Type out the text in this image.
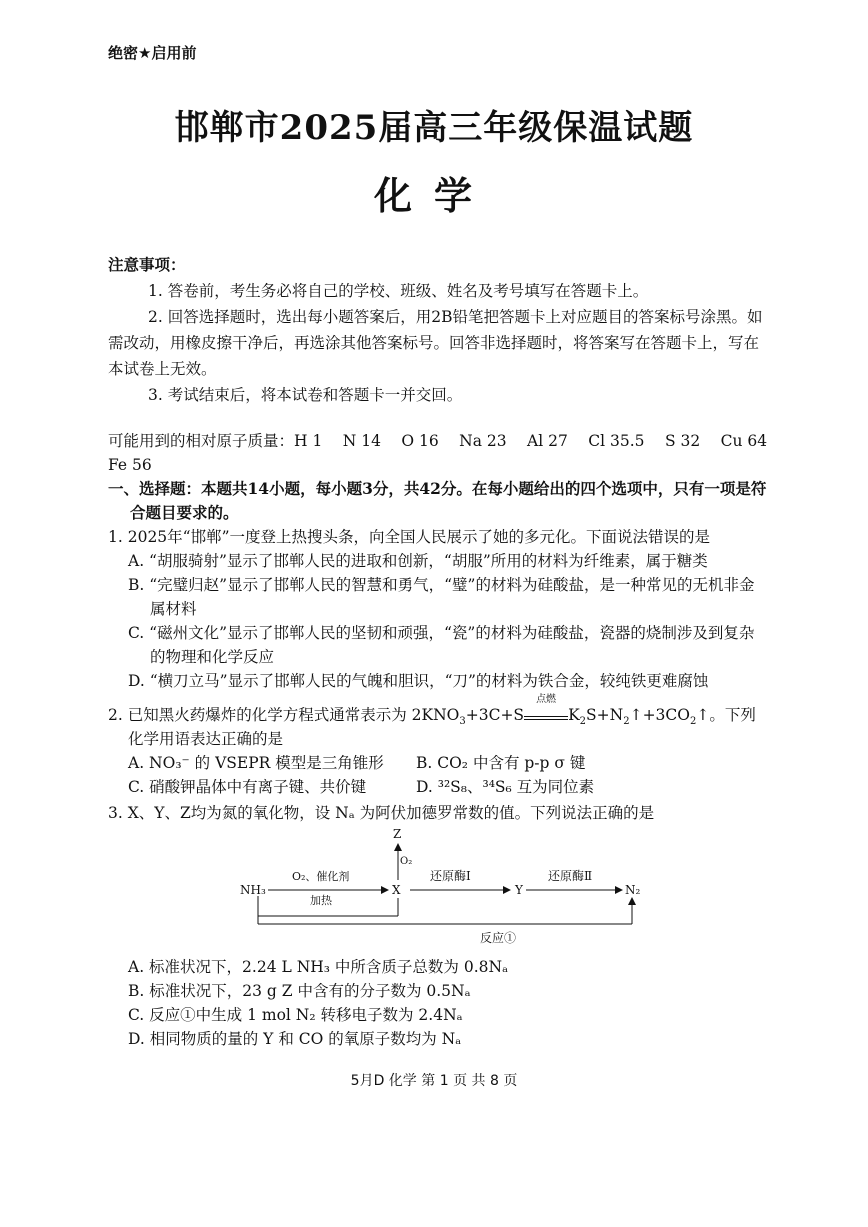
绝密★启用前
邯郸市2025届高三年级保温试题
化学
注意事项：
1. 答卷前，考生务必将自己的学校、班级、姓名及考号填写在答题卡上。
2. 回答选择题时，选出每小题答案后，用2B铅笔把答题卡上对应题目的答案标号涂黑。如
需改动，用橡皮擦干净后，再选涂其他答案标号。回答非选择题时，将答案写在答题卡上，写在
本试卷上无效。
3. 考试结束后，将本试卷和答题卡一并交回。
可能用到的相对原子质量：H 1　 N 14　 O 16　 Na 23　 Al 27　 Cl 35.5　 S 32　 Cu 64
Fe 56
一、选择题：本题共14小题，每小题3分，共42分。在每小题给出的四个选项中，只有一项是符
合题目要求的。
1. 2025年“邯郸”一度登上热搜头条，向全国人民展示了她的多元化。下面说法错误的是
A. “胡服骑射”显示了邯郸人民的进取和创新，“胡服”所用的材料为纤维素，属于糖类
B. “完璧归赵”显示了邯郸人民的智慧和勇气，“璧”的材料为硅酸盐，是一种常见的无机非金
属材料
C. “磁州文化”显示了邯郸人民的坚韧和顽强，“瓷”的材料为硅酸盐，瓷器的烧制涉及到复杂
的物理和化学反应
D. “横刀立马”显示了邯郸人民的气魄和胆识，“刀”的材料为铁合金，较纯铁更难腐蚀
2. 已知黑火药爆炸的化学方程式通常表示为 $2KNO_3+3C+S$
点燃
$K_2S+N_2↑+3CO_2↑$。下列
化学用语表达正确的是
A. NO₃⁻ 的 VSEPR 模型是三角锥形 B. CO₂ 中含有 p-p σ 键
C. 硝酸钾晶体中有离子键、共价键	D. ³²S₈、³⁴S₆ 互为同位素
3. X、Y、Z均为氮的氧化物，设 Nₐ 为阿伏加德罗常数的值。下列说法正确的是
NH₃
O₂、催化剂
加热
X
Z
O₂
还原酶Ⅰ
Y
还原酶Ⅱ
N₂
反应①
A. 标准状况下，2.24 L NH₃ 中所含质子总数为 0.8Nₐ
B. 标准状况下，23 g Z 中含有的分子数为 0.5Nₐ
C. 反应①中生成 1 mol N₂ 转移电子数为 2.4Nₐ
D. 相同物质的量的 Y 和 CO 的氧原子数均为 Nₐ
5月D 化学 第 1 页 共 8 页
